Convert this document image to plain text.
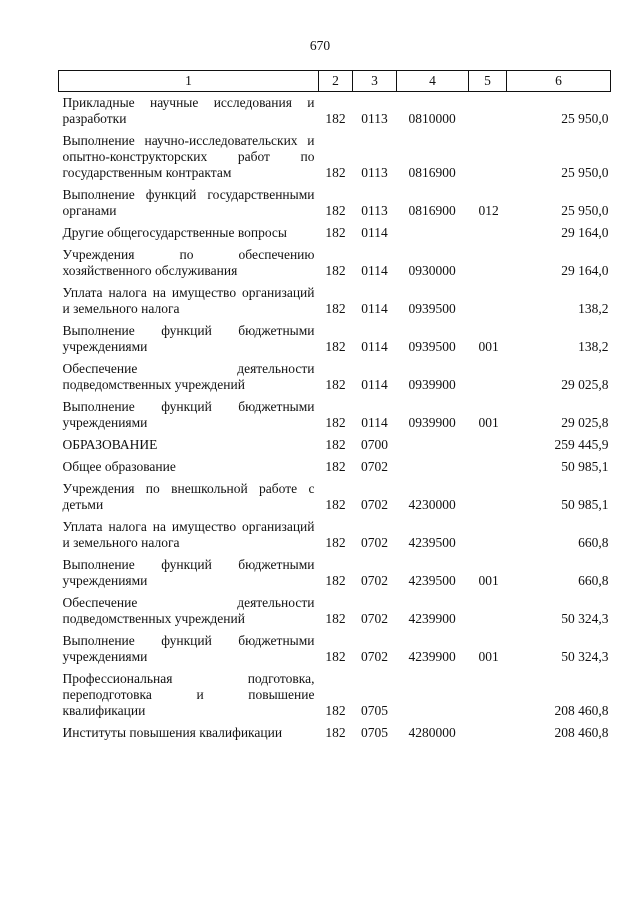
670
1	2	3	4	5	6
Прикладные научные исследования и разработки	182	0113	0810000		25 950,0
Выполнение научно-исследовательских и опытно-конструкторских работ по государственным контрактам	182	0113	0816900		25 950,0
Выполнение функций государственными органами	182	0113	0816900	012	25 950,0
Другие общегосударственные вопросы	182	0114			29 164,0
Учреждения по обеспечению хозяйственного обслуживания	182	0114	0930000		29 164,0
Уплата налога на имущество организаций и земельного налога	182	0114	0939500		138,2
Выполнение функций бюджетными учреждениями	182	0114	0939500	001	138,2
Обеспечение деятельности подведомственных учреждений	182	0114	0939900		29 025,8
Выполнение функций бюджетными учреждениями	182	0114	0939900	001	29 025,8
ОБРАЗОВАНИЕ	182	0700			259 445,9
Общее образование	182	0702			50 985,1
Учреждения по внешкольной работе с детьми	182	0702	4230000		50 985,1
Уплата налога на имущество организаций и земельного налога	182	0702	4239500		660,8
Выполнение функций бюджетными учреждениями	182	0702	4239500	001	660,8
Обеспечение деятельности подведомственных учреждений	182	0702	4239900		50 324,3
Выполнение функций бюджетными учреждениями	182	0702	4239900	001	50 324,3
Профессиональная подготовка, переподготовка и повышение квалификации	182	0705			208 460,8
Институты повышения квалификации	182	0705	4280000		208 460,8
